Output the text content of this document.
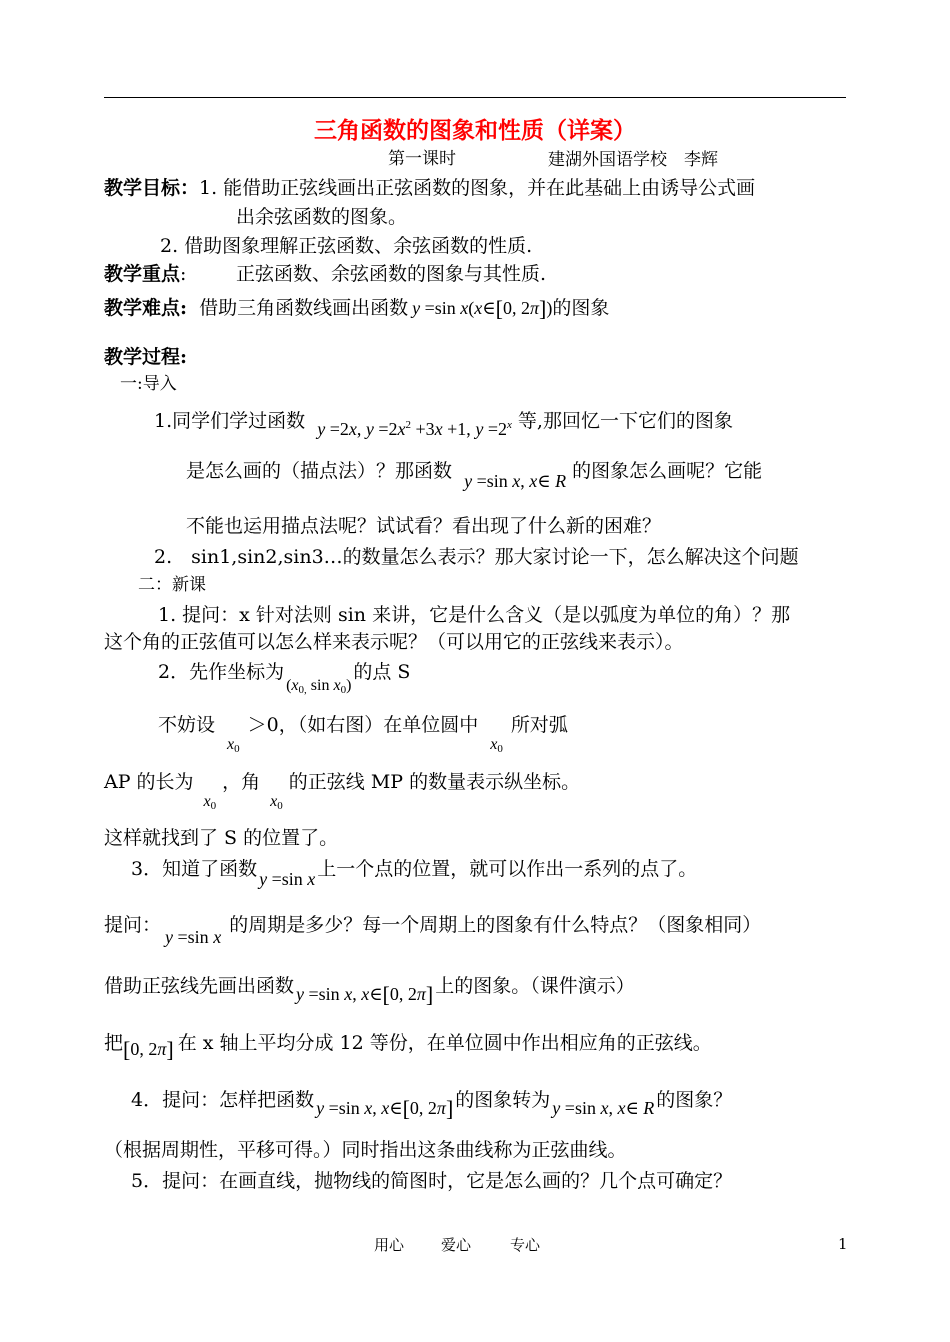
三角函数的图象和性质（详案）
第一课时	建湖外国语学校　李辉
教学目标：1. 能借助正弦线画出正弦函数的图象，并在此基础上由诱导公式画
出余弦函数的图象。
2. 借助图象理解正弦函数、余弦函数的性质.
教学重点:	正弦函数、余弦函数的图象与其性质.
教学难点: 借助三角函数线画出函数 y =sin x(x∈[0, 2π])的图象
教学过程:
一:导入
1.同学们学过函数 y =2x, $y =2x^2 +3x +1$, $y =2^x$ 等,那回忆一下它们的图象
是怎么画的（描点法）？那函数 y =sin x, x∈ R 的图象怎么画呢？它能
不能也运用描点法呢？试试看？看出现了什么新的困难？
2.　sin1,sin2,sin3…的数量怎么表示？那大家讨论一下，怎么解决这个问题
二：新课
1. 提问：x 针对法则 sin 来讲，它是什么含义（是以弧度为单位的角）？那
这个角的正弦值可以怎么样来表示呢？（可以用它的正弦线来表示）。
2．先作坐标为$_{(x0, sin x0)}$的点 S
不妨设$_{x0}$＞0，（如右图）在单位圆中$_{x0}$所对弧
AP 的长为$_{x0}$，角$_{x0}$的正弦线 MP 的数量表示纵坐标。
这样就找到了 S 的位置了。
3．知道了函数 y =sin x 上一个点的位置，就可以作出一系列的点了。
提问：y =sin x的周期是多少？每一个周期上的图象有什么特点？（图象相同）
借助正弦线先画出函数 y =sin x, x∈[0, 2π] 上的图象。（课件演示）
把[0, 2π] 在 x 轴上平均分成 12 等份，在单位圆中作出相应角的正弦线。
4．提问：怎样把函数 y =sin x, x∈[0, 2π] 的图象转为 y =sin x, x∈ R 的图象？
（根据周期性，平移可得。）同时指出这条曲线称为正弦曲线。
5．提问：在画直线，抛物线的简图时，它是怎么画的？几个点可确定？
用心 爱心	专心	1
